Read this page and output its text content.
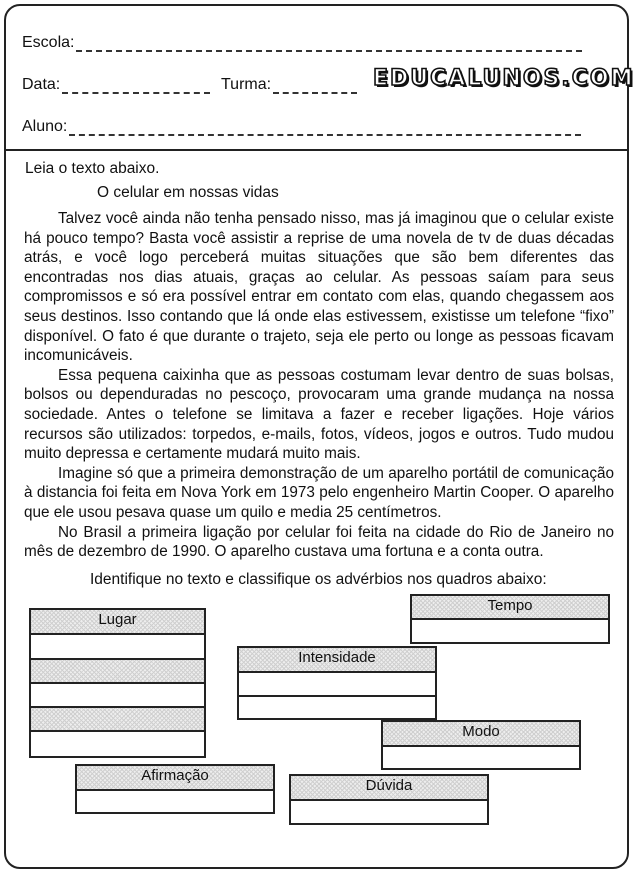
Escola:
Data:	Turma:	EDUCALUNOS.COM
Aluno:
Leia o texto abaixo.
O celular em nossas vidas

Talvez você ainda não tenha pensado nisso, mas já imaginou que o celular existe há pouco tempo? Basta você assistir a reprise de uma novela de tv de duas décadas atrás, e você logo perceberá muitas situações que são bem diferentes das encontradas nos dias atuais, graças ao celular. As pessoas saíam para seus compromissos e só era possível entrar em contato com elas, quando chegassem aos seus destinos. Isso contando que lá onde elas estivessem, existisse um telefone “fixo” disponível. O fato é que durante o trajeto, seja ele perto ou longe as pessoas ficavam incomunicáveis.

Essa pequena caixinha que as pessoas costumam levar dentro de suas bolsas, bolsos ou dependuradas no pescoço, provocaram uma grande mudança na nossa sociedade. Antes o telefone se limitava a fazer e receber ligações. Hoje vários recursos são utilizados: torpedos, e-mails, fotos, vídeos, jogos e outros. Tudo mudou muito depressa e certamente mudará muito mais.

Imagine só que a primeira demonstração de um aparelho portátil de comunicação à distancia foi feita em Nova York em 1973 pelo engenheiro Martin Cooper. O aparelho que ele usou pesava quase um quilo e media 25 centímetros.

No Brasil a primeira ligação por celular foi feita na cidade do Rio de Janeiro no mês de dezembro de 1990. O aparelho custava uma fortuna e a conta outra.

Identifique no texto e classifique os advérbios nos quadros abaixo:
Lugar
Tempo
Intensidade
Modo
Afirmação
Dúvida
